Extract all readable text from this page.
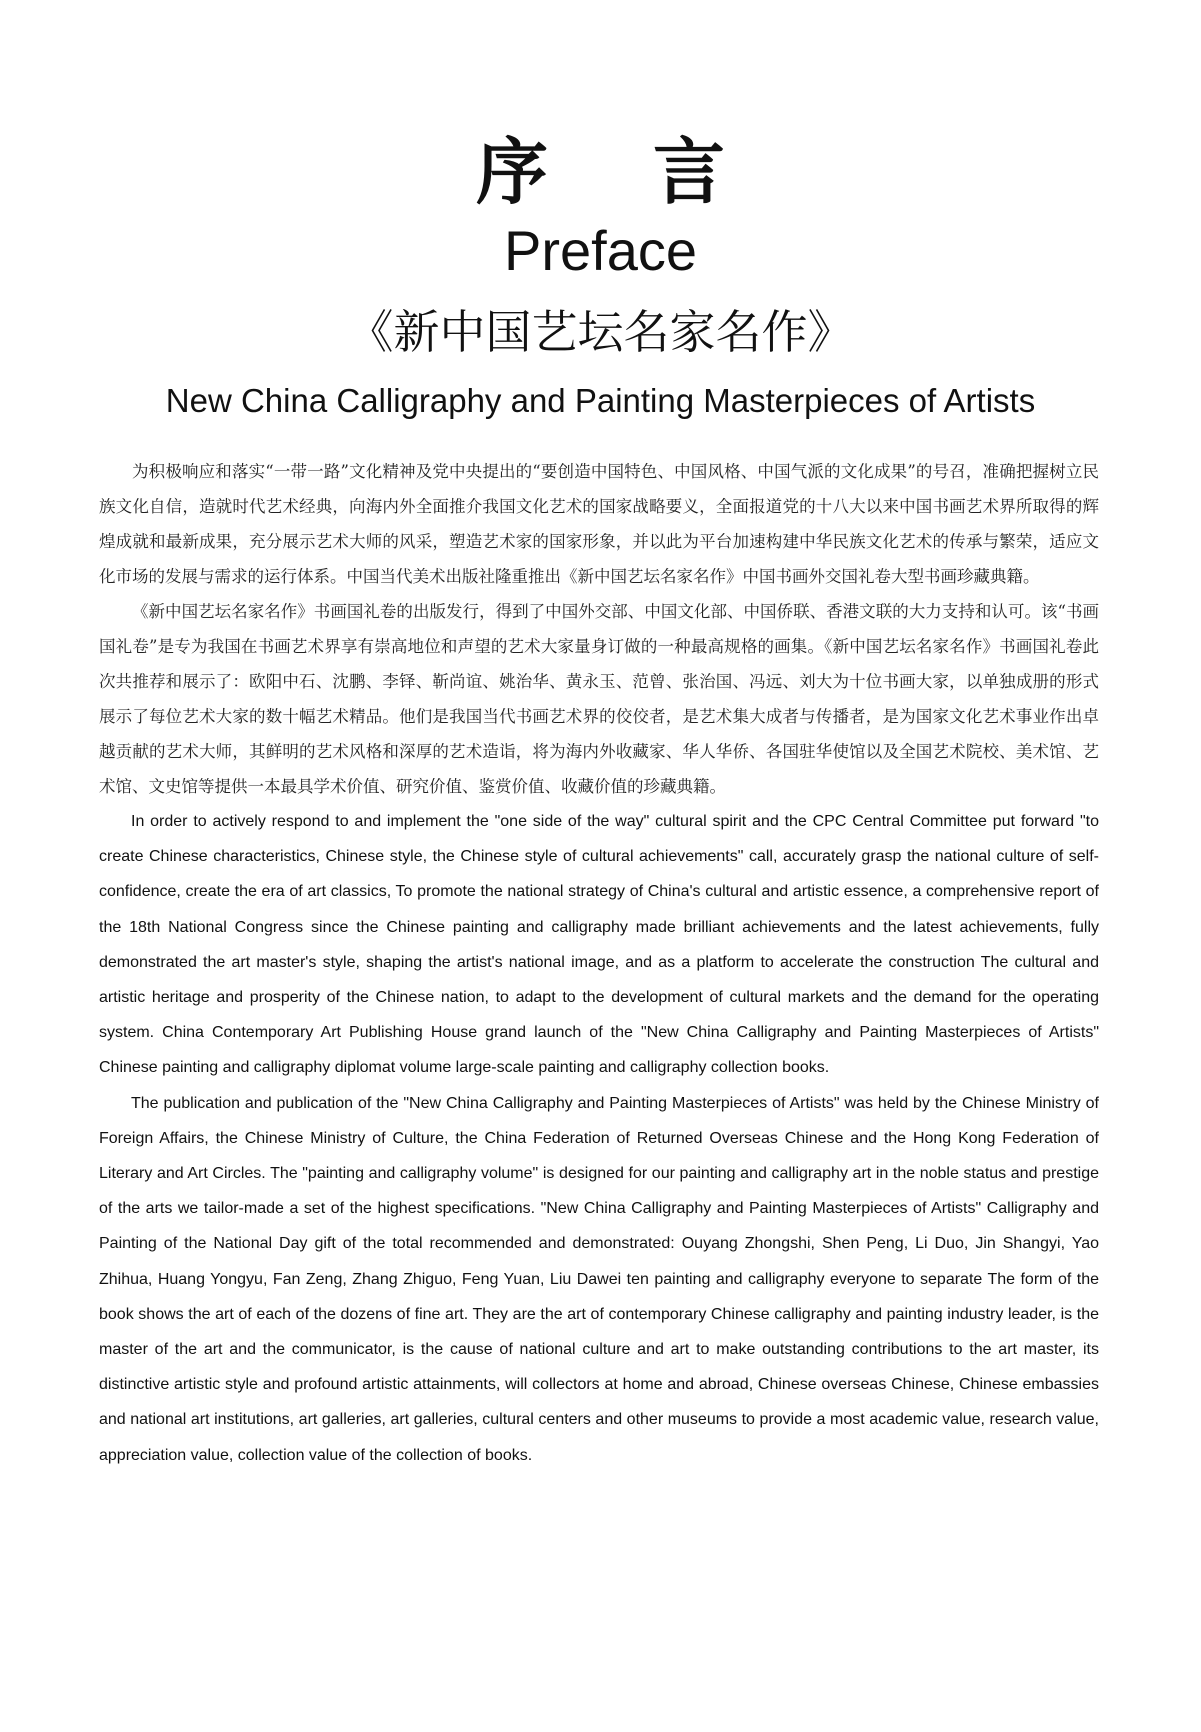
序 言
Preface
《新中国艺坛名家名作》
New China Calligraphy and Painting Masterpieces of Artists

为积极响应和落实“一带一路”文化精神及党中央提出的“要创造中国特色、中国风格、中国气派的文化成果”的号召，准确把握树立民族文化自信，造就时代艺术经典，向海内外全面推介我国文化艺术的国家战略要义，全面报道党的十八大以来中国书画艺术界所取得的辉煌成就和最新成果，充分展示艺术大师的风采，塑造艺术家的国家形象，并以此为平台加速构建中华民族文化艺术的传承与繁荣，适应文化市场的发展与需求的运行体系。中国当代美术出版社隆重推出《新中国艺坛名家名作》中国书画外交国礼卷大型书画珍藏典籍。

《新中国艺坛名家名作》书画国礼卷的出版发行，得到了中国外交部、中国文化部、中国侨联、香港文联的大力支持和认可。该“书画国礼卷”是专为我国在书画艺术界享有崇高地位和声望的艺术大家量身订做的一种最高规格的画集。《新中国艺坛名家名作》书画国礼卷此次共推荐和展示了：欧阳中石、沈鹏、李铎、靳尚谊、姚治华、黄永玉、范曾、张治国、冯远、刘大为十位书画大家，以单独成册的形式展示了每位艺术大家的数十幅艺术精品。他们是我国当代书画艺术界的佼佼者，是艺术集大成者与传播者，是为国家文化艺术事业作出卓越贡献的艺术大师，其鲜明的艺术风格和深厚的艺术造诣，将为海内外收藏家、华人华侨、各国驻华使馆以及全国艺术院校、美术馆、艺术馆、文史馆等提供一本最具学术价值、研究价值、鉴赏价值、收藏价值的珍藏典籍。

In order to actively respond to and implement the "one side of the way" cultural spirit and the CPC Central Committee put forward "to create Chinese characteristics, Chinese style, the Chinese style of cultural achievements" call, accurately grasp the national culture of self-confidence, create the era of art classics, To promote the national strategy of China's cultural and artistic essence, a comprehensive report of the 18th National Congress since the Chinese painting and calligraphy made brilliant achievements and the latest achievements, fully demonstrated the art master's style, shaping the artist's national image, and as a platform to accelerate the construction The cultural and artistic heritage and prosperity of the Chinese nation, to adapt to the development of cultural markets and the demand for the operating system. China Contemporary Art Publishing House grand launch of the "New China Calligraphy and Painting Masterpieces of Artists" Chinese painting and calligraphy diplomat volume large-scale painting and calligraphy collection books.

The publication and publication of the "New China Calligraphy and Painting Masterpieces of Artists" was held by the Chinese Ministry of Foreign Affairs, the Chinese Ministry of Culture, the China Federation of Returned Overseas Chinese and the Hong Kong Federation of Literary and Art Circles. The "painting and calligraphy volume" is designed for our painting and calligraphy art in the noble status and prestige of the arts we tailor-made a set of the highest specifications. "New China Calligraphy and Painting Masterpieces of Artists" Calligraphy and Painting of the National Day gift of the total recommended and demonstrated: Ouyang Zhongshi, Shen Peng, Li Duo, Jin Shangyi, Yao Zhihua, Huang Yongyu, Fan Zeng, Zhang Zhiguo, Feng Yuan, Liu Dawei ten painting and calligraphy everyone to separate The form of the book shows the art of each of the dozens of fine art. They are the art of contemporary Chinese calligraphy and painting industry leader, is the master of the art and the communicator, is the cause of national culture and art to make outstanding contributions to the art master, its distinctive artistic style and profound artistic attainments, will collectors at home and abroad, Chinese overseas Chinese, Chinese embassies and national art institutions, art galleries, art galleries, cultural centers and other museums to provide a most academic value, research value, appreciation value, collection value of the collection of books.
